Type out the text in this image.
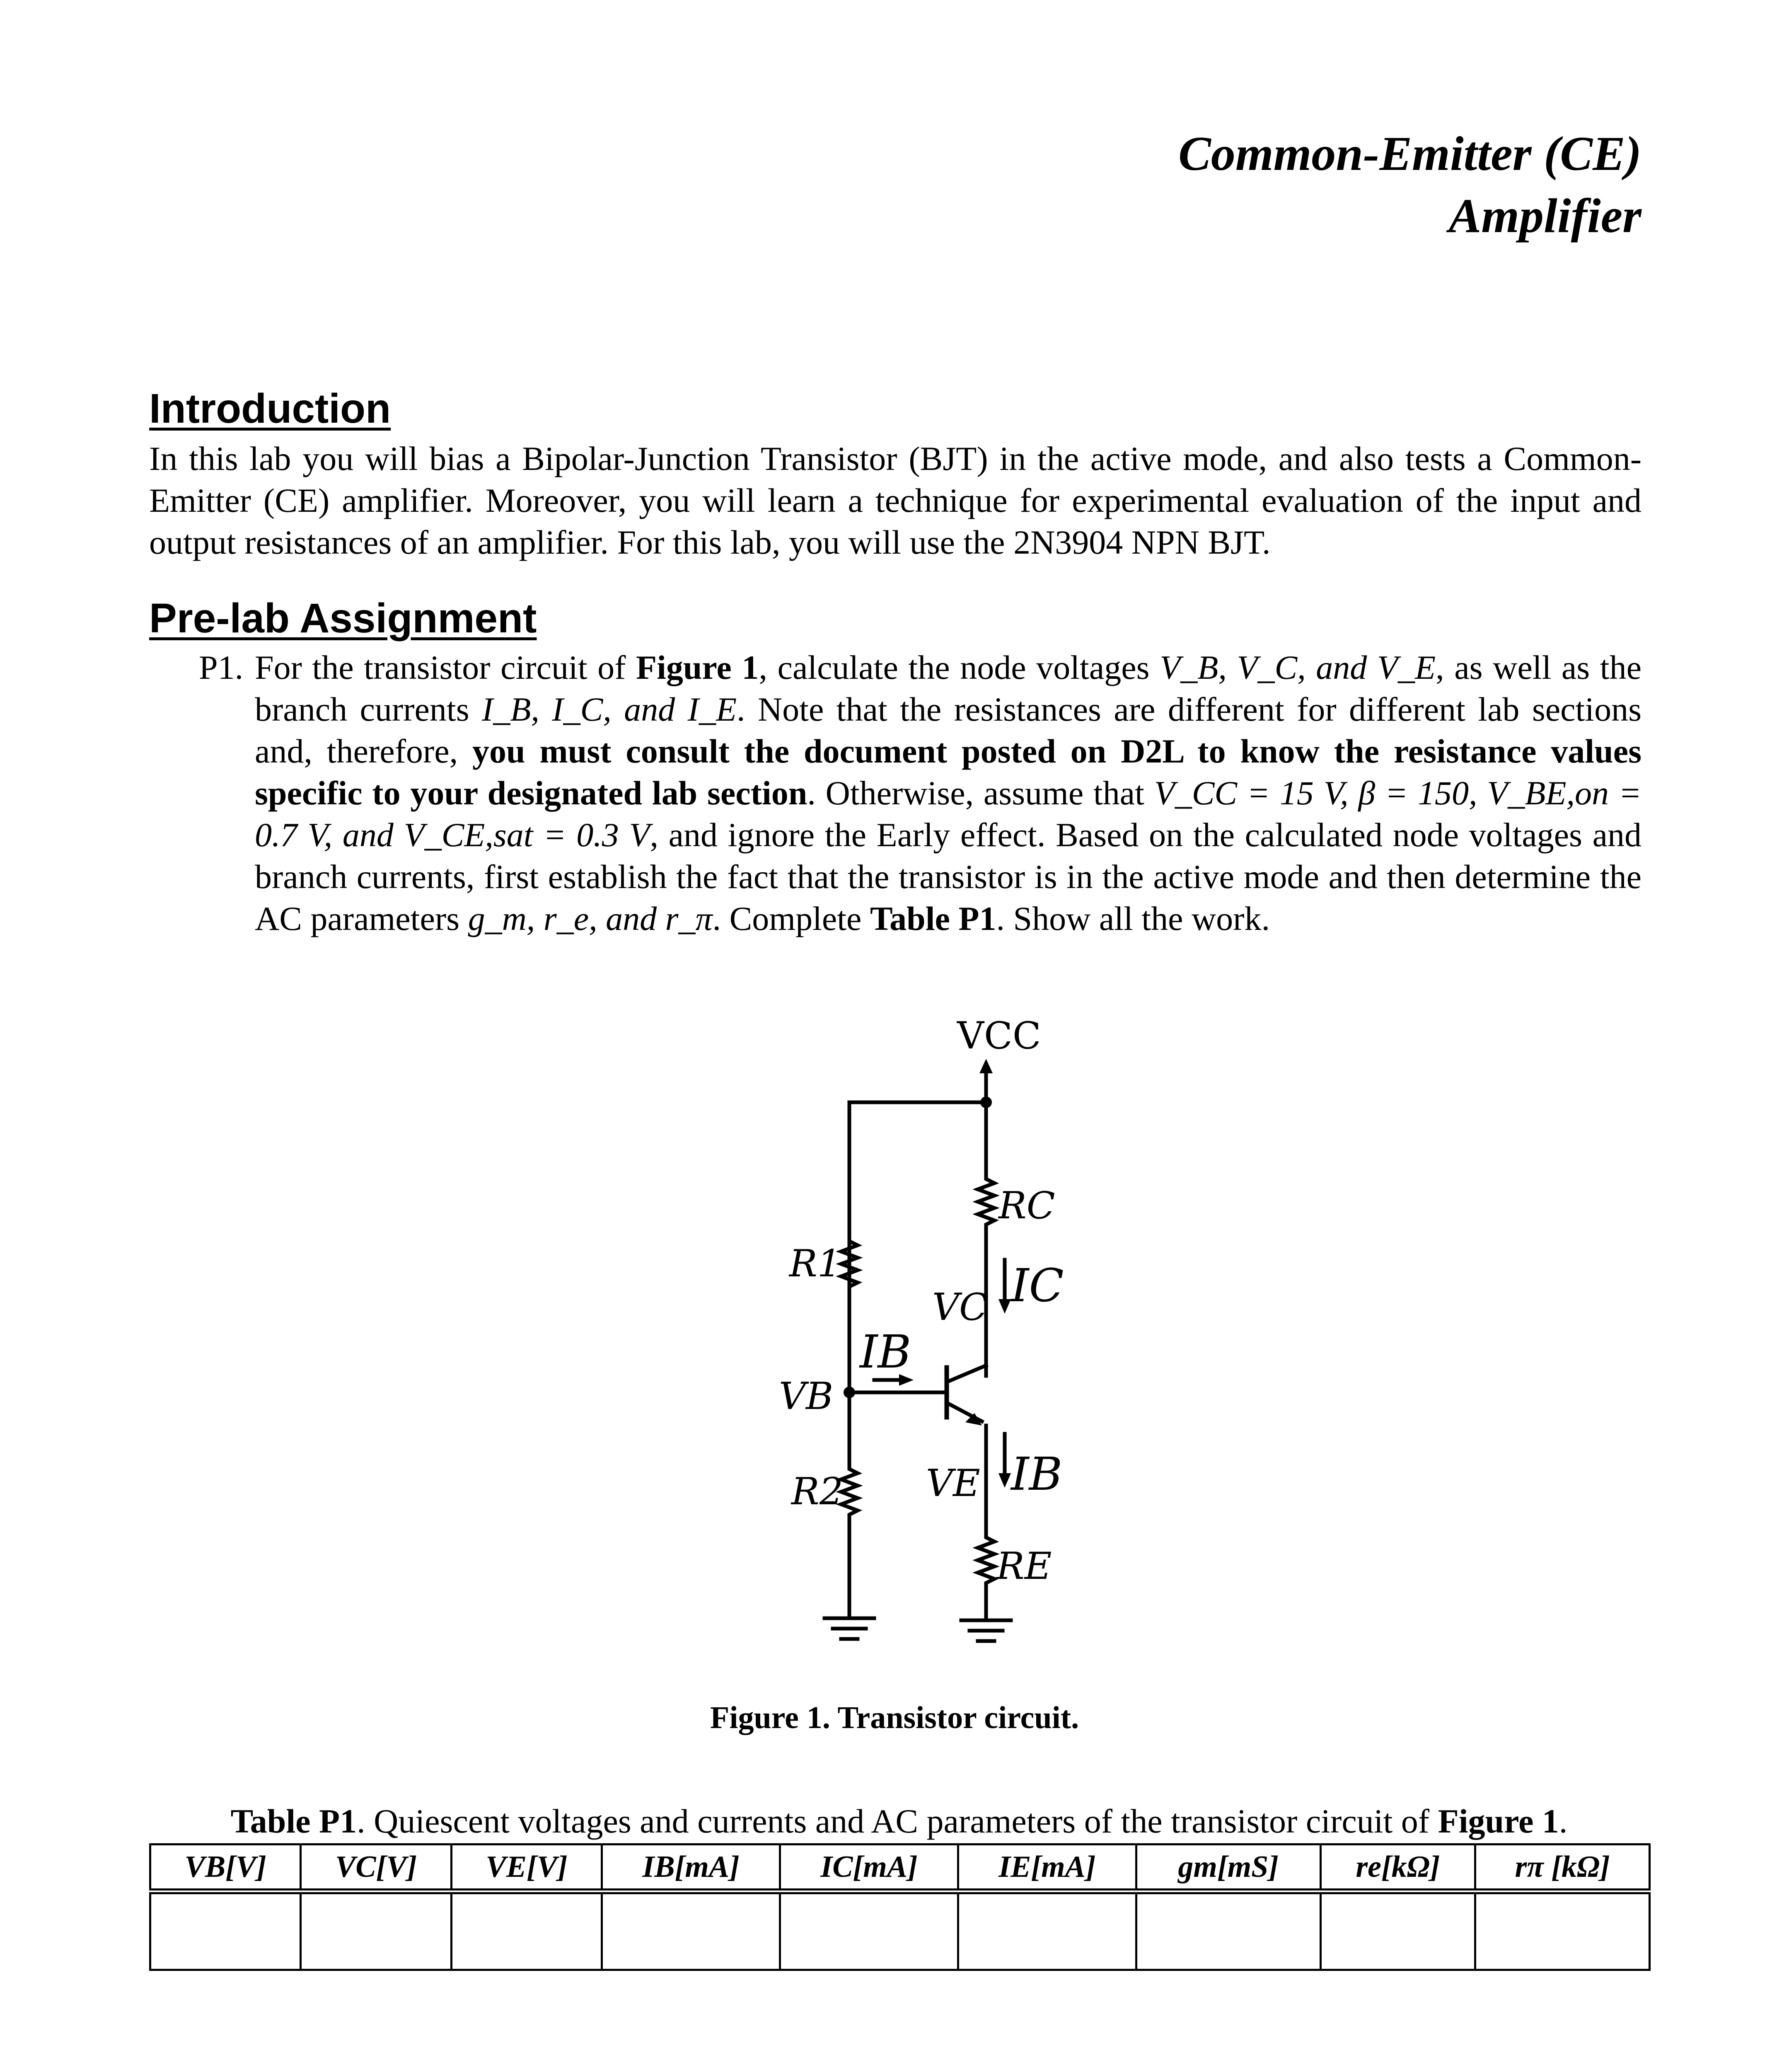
Common-Emitter (CE)
Amplifier
Introduction
In this lab you will bias a Bipolar-Junction Transistor (BJT) in the active mode, and also tests a Common-Emitter (CE) amplifier. Moreover, you will learn a technique for experimental evaluation of the input and output resistances of an amplifier. For this lab, you will use the 2N3904 NPN BJT.
Pre-lab Assignment
P1. For the transistor circuit of Figure 1, calculate the node voltages V_B, V_C, and V_E, as well as the branch currents I_B, I_C, and I_E. Note that the resistances are different for different lab sections and, therefore, you must consult the document posted on D2L to know the resistance values specific to your designated lab section. Otherwise, assume that V_CC = 15 V, β = 150, V_BE,on = 0.7 V, and V_CE,sat = 0.3 V, and ignore the Early effect. Based on the calculated node voltages and branch currents, first establish the fact that the transistor is in the active mode and then determine the AC parameters g_m, r_e, and r_π. Complete Table P1. Show all the work.
VCC
RC
IC
VC
R1
IB
VB
VE IB
R2
RE
Figure 1. Transistor circuit.
Table P1. Quiescent voltages and currents and AC parameters of the transistor circuit of Figure 1.
VB[V]	VC[V]	VE[V]	IB[mA]	IC[mA]	IE[mA]	gm[mS]	re[kΩ]	rπ [kΩ]
